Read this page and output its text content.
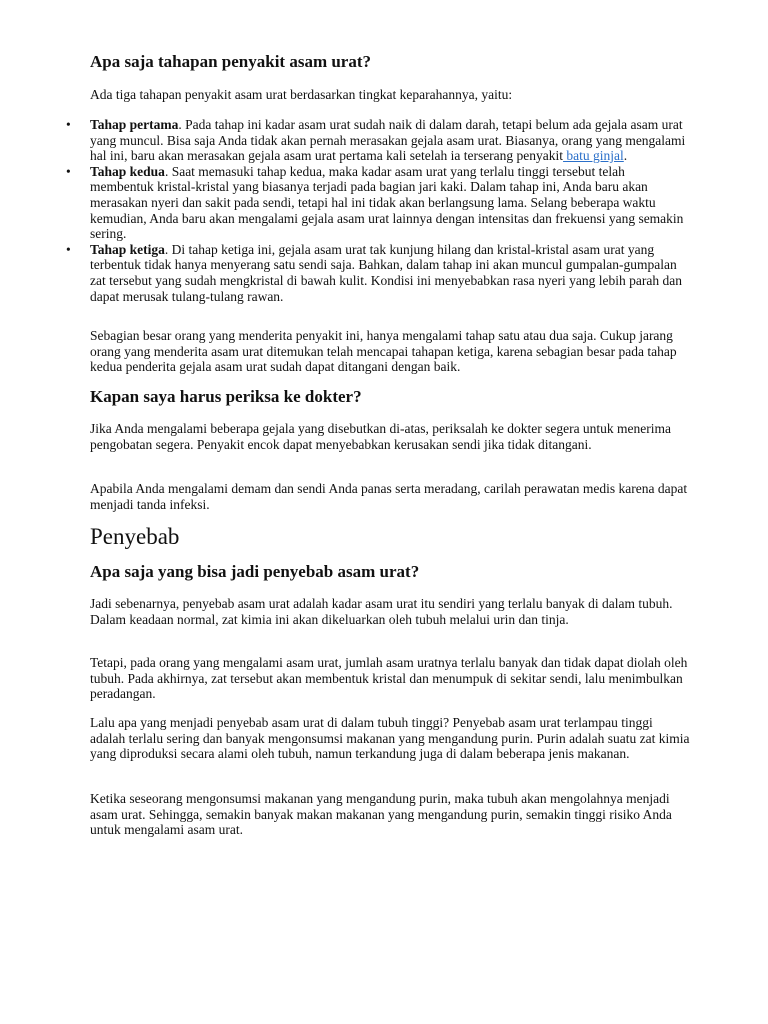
Apa saja tahapan penyakit asam urat?

Ada tiga tahapan penyakit asam urat berdasarkan tingkat keparahannya, yaitu:

• Tahap pertama. Pada tahap ini kadar asam urat sudah naik di dalam darah, tetapi belum ada gejala asam urat yang muncul. Bisa saja Anda tidak akan pernah merasakan gejala asam urat. Biasanya, orang yang mengalami hal ini, baru akan merasakan gejala asam urat pertama kali setelah ia terserang penyakit batu ginjal.
• Tahap kedua. Saat memasuki tahap kedua, maka kadar asam urat yang terlalu tinggi tersebut telah membentuk kristal-kristal yang biasanya terjadi pada bagian jari kaki. Dalam tahap ini, Anda baru akan merasakan nyeri dan sakit pada sendi, tetapi hal ini tidak akan berlangsung lama. Selang beberapa waktu kemudian, Anda baru akan mengalami gejala asam urat lainnya dengan intensitas dan frekuensi yang semakin sering.
• Tahap ketiga. Di tahap ketiga ini, gejala asam urat tak kunjung hilang dan kristal-kristal asam urat yang terbentuk tidak hanya menyerang satu sendi saja. Bahkan, dalam tahap ini akan muncul gumpalan-gumpalan zat tersebut yang sudah mengkristal di bawah kulit. Kondisi ini menyebabkan rasa nyeri yang lebih parah dan dapat merusak tulang-tulang rawan.

Sebagian besar orang yang menderita penyakit ini, hanya mengalami tahap satu atau dua saja. Cukup jarang orang yang menderita asam urat ditemukan telah mencapai tahapan ketiga, karena sebagian besar pada tahap kedua penderita gejala asam urat sudah dapat ditangani dengan baik.

Kapan saya harus periksa ke dokter?

Jika Anda mengalami beberapa gejala yang disebutkan di-atas, periksalah ke dokter segera untuk menerima pengobatan segera. Penyakit encok dapat menyebabkan kerusakan sendi jika tidak ditangani.

Apabila Anda mengalami demam dan sendi Anda panas serta meradang, carilah perawatan medis karena dapat menjadi tanda infeksi.

Penyebab
Apa saja yang bisa jadi penyebab asam urat?

Jadi sebenarnya, penyebab asam urat adalah kadar asam urat itu sendiri yang terlalu banyak di dalam tubuh. Dalam keadaan normal, zat kimia ini akan dikeluarkan oleh tubuh melalui urin dan tinja.

Tetapi, pada orang yang mengalami asam urat, jumlah asam uratnya terlalu banyak dan tidak dapat diolah oleh tubuh. Pada akhirnya, zat tersebut akan membentuk kristal dan menumpuk di sekitar sendi, lalu menimbulkan peradangan.

Lalu apa yang menjadi penyebab asam urat di dalam tubuh tinggi? Penyebab asam urat terlampau tinggi adalah terlalu sering dan banyak mengonsumsi makanan yang mengandung purin. Purin adalah suatu zat kimia yang diproduksi secara alami oleh tubuh, namun terkandung juga di dalam beberapa jenis makanan.

Ketika seseorang mengonsumsi makanan yang mengandung purin, maka tubuh akan mengolahnya menjadi asam urat. Sehingga, semakin banyak makan makanan yang mengandung purin, semakin tinggi risiko Anda untuk mengalami asam urat.
